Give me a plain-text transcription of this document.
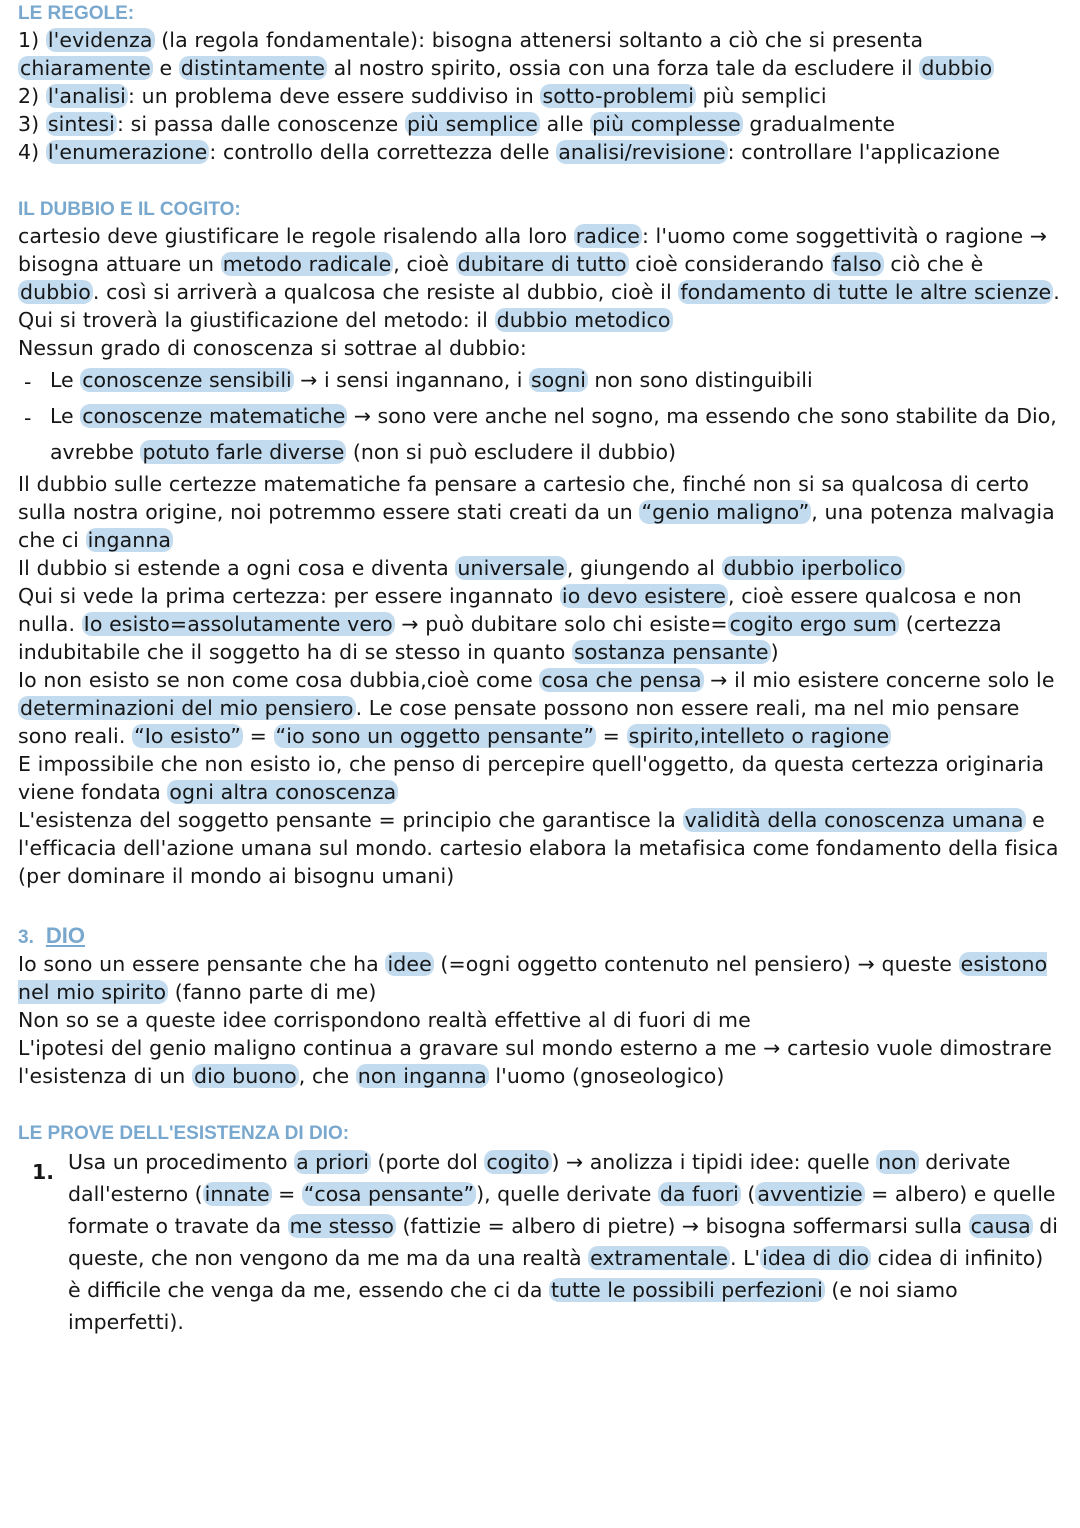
LE REGOLE:

1) l'evidenza (la regola fondamentale): bisogna attenersi soltanto a ciò che si presenta chiaramente e distintamente al nostro spirito, ossia con una forza tale da escludere il dubbio

2) l'analisi: un problema deve essere suddiviso in sotto-problemi più semplici

3) sintesi: si passa dalle conoscenze più semplice alle più complesse gradualmente

4) l'enumerazione: controllo della correttezza delle analisi/revisione: controllare l'applicazione

IL DUBBIO E IL COGITO:

cartesio deve giustificare le regole risalendo alla loro radice: l'uomo come soggettività o ragione → bisogna attuare un metodo radicale, cioè dubitare di tutto cioè considerando falso ciò che è dubbio. così si arriverà a qualcosa che resiste al dubbio, cioè il fondamento di tutte le altre scienze. Qui si troverà la giustificazione del metodo: il dubbio metodico

Nessun grado di conoscenza si sottrae al dubbio:

- Le conoscenze sensibili → i sensi ingannano, i sogni non sono distinguibili
- Le conoscenze matematiche → sono vere anche nel sogno, ma essendo che sono stabilite da Dio, avrebbe potuto farle diverse (non si può escludere il dubbio)

Il dubbio sulle certezze matematiche fa pensare a cartesio che, finché non si sa qualcosa di certo sulla nostra origine, noi potremmo essere stati creati da un “genio maligno”, una potenza malvagia che ci inganna

Il dubbio si estende a ogni cosa e diventa universale, giungendo al dubbio iperbolico

Qui si vede la prima certezza: per essere ingannato io devo esistere, cioè essere qualcosa e non nulla. Io esisto=assolutamente vero → può dubitare solo chi esiste=cogito ergo sum (certezza indubitabile che il soggetto ha di se stesso in quanto sostanza pensante)

Io non esisto se non come cosa dubbia,cioè come cosa che pensa → il mio esistere concerne solo le determinazioni del mio pensiero. Le cose pensate possono non essere reali, ma nel mio pensare sono reali. “Io esisto” = “io sono un oggetto pensante” = spirito,intelleto o ragione

E impossibile che non esisto io, che penso di percepire quell'oggetto, da questa certezza originaria viene fondata ogni altra conoscenza

L'esistenza del soggetto pensante = principio che garantisce la validità della conoscenza umana e l'efficacia dell'azione umana sul mondo. cartesio elabora la metafisica come fondamento della fisica (per dominare il mondo ai bisognu umani)

3. DIO

Io sono un essere pensante che ha idee (=ogni oggetto contenuto nel pensiero) → queste esistono nel mio spirito (fanno parte di me)

Non so se a queste idee corrispondono realtà effettive al di fuori di me

L'ipotesi del genio maligno continua a gravare sul mondo esterno a me → cartesio vuole dimostrare l'esistenza di un dio buono, che non inganna l'uomo (gnoseologico)

LE PROVE DELL'ESISTENZA DI DIO:
1. Usa un procedimento a priori (porte dol cogito) → anolizza i tipidi idee: quelle non derivate dall'esterno (innate = “cosa pensante”), quelle derivate da fuori (avventizie = albero) e quelle formate o travate da me stesso (fattizie = albero di pietre) → bisogna soffermarsi sulla causa di queste, che non vengono da me ma da una realtà extramentale. L'idea di dio cidea di infinito) è difficile che venga da me, essendo che ci da tutte le possibili perfezioni (e noi siamo imperfetti).
